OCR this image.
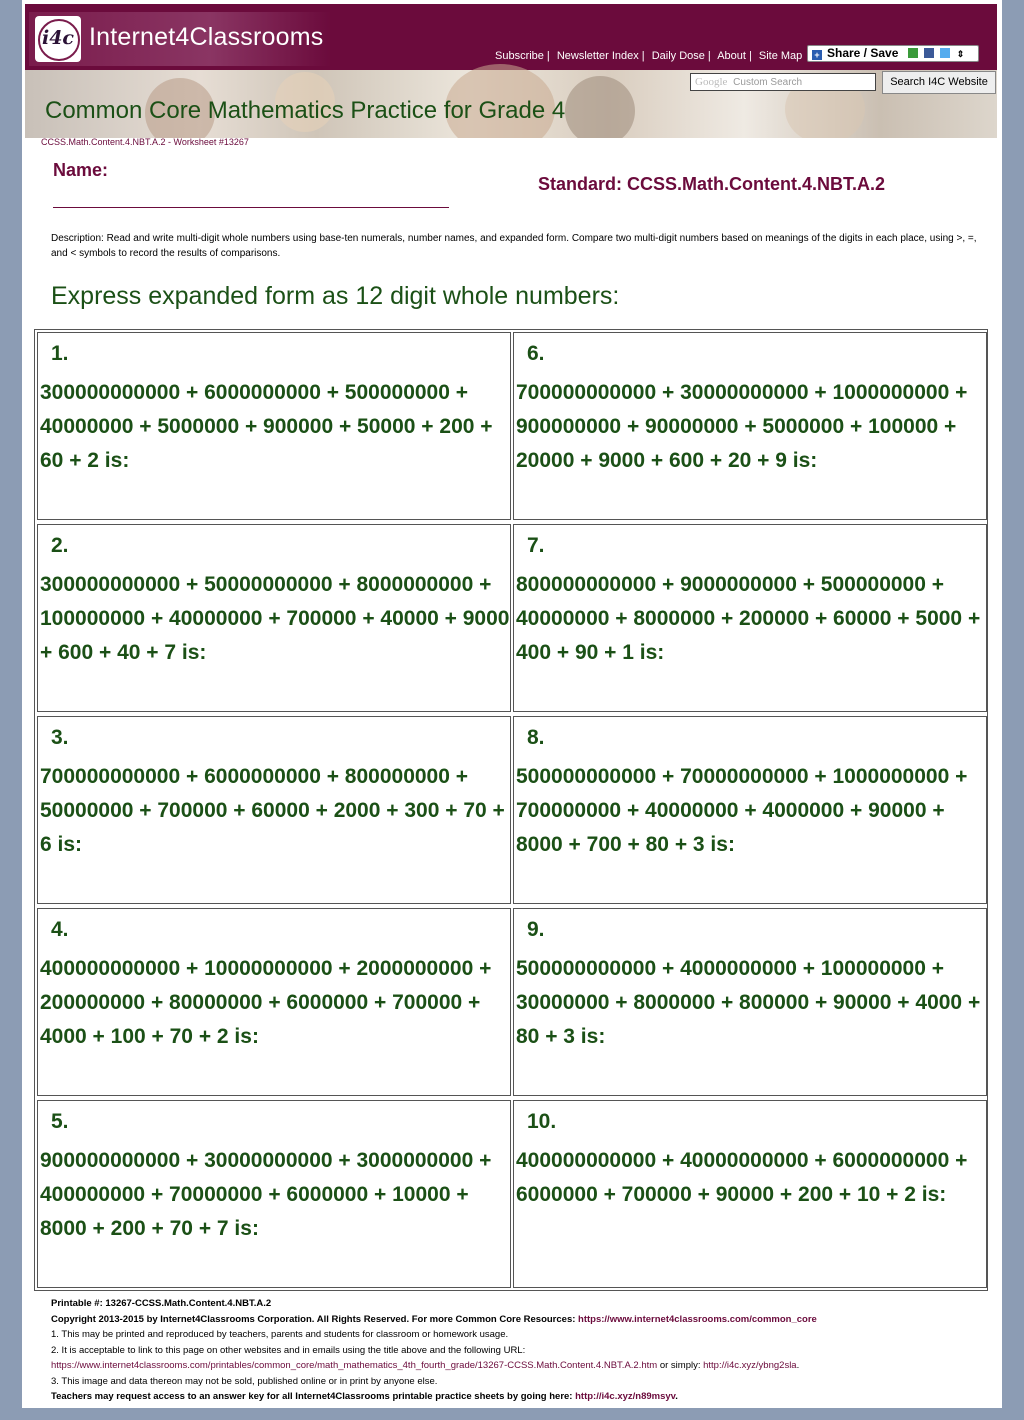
i4c Internet4Classrooms
Subscribe | Newsletter Index | Daily Dose | About | Site Map	+ Share / Save	⇕
Google Custom Search	Search I4C Website
Common Core Mathematics Practice for Grade 4
CCSS.Math.Content.4.NBT.A.2 - Worksheet #13267
Name:
Standard: CCSS.Math.Content.4.NBT.A.2
Description: Read and write multi-digit whole numbers using base-ten numerals, number names, and expanded form. Compare two multi-digit numbers based on meanings of the digits in each place, using >, =, and < symbols to record the results of comparisons.
Express expanded form as 12 digit whole numbers:
1.
300000000000 + 6000000000 + 500000000 + 40000000 + 5000000 + 900000 + 50000 + 200 + 60 + 2 is:
2.
300000000000 + 50000000000 + 8000000000 + 100000000 + 40000000 + 700000 + 40000 + 9000 + 600 + 40 + 7 is:
3.
700000000000 + 6000000000 + 800000000 + 50000000 + 700000 + 60000 + 2000 + 300 + 70 + 6 is:
4.
400000000000 + 10000000000 + 2000000000 + 200000000 + 80000000 + 6000000 + 700000 + 4000 + 100 + 70 + 2 is:
5.
900000000000 + 30000000000 + 3000000000 + 400000000 + 70000000 + 6000000 + 10000 + 8000 + 200 + 70 + 7 is:
6.
700000000000 + 30000000000 + 1000000000 + 900000000 + 90000000 + 5000000 + 100000 + 20000 + 9000 + 600 + 20 + 9 is:
7.
800000000000 + 9000000000 + 500000000 + 40000000 + 8000000 + 200000 + 60000 + 5000 + 400 + 90 + 1 is:
8.
500000000000 + 70000000000 + 1000000000 + 700000000 + 40000000 + 4000000 + 90000 + 8000 + 700 + 80 + 3 is:
9.
500000000000 + 4000000000 + 100000000 + 30000000 + 8000000 + 800000 + 90000 + 4000 + 80 + 3 is:
10.
400000000000 + 40000000000 + 6000000000 + 6000000 + 700000 + 90000 + 200 + 10 + 2 is:
Printable #: 13267-CCSS.Math.Content.4.NBT.A.2
Copyright 2013-2015 by Internet4Classrooms Corporation. All Rights Reserved. For more Common Core Resources: https://www.internet4classrooms.com/common_core
1. This may be printed and reproduced by teachers, parents and students for classroom or homework usage.
2. It is acceptable to link to this page on other websites and in emails using the title above and the following URL:
https://www.internet4classrooms.com/printables/common_core/math_mathematics_4th_fourth_grade/13267-CCSS.Math.Content.4.NBT.A.2.htm or simply: http://i4c.xyz/ybng2sla.
3. This image and data thereon may not be sold, published online or in print by anyone else.
Teachers may request access to an answer key for all Internet4Classrooms printable practice sheets by going here: http://i4c.xyz/n89msyv.
